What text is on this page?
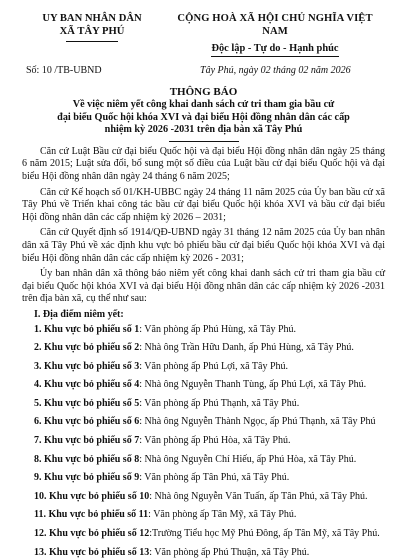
UY BAN NHÂN DÂN
XÃ TÂY PHÚ
CỘNG HOÀ XÃ HỘI CHỦ NGHĨA VIỆT NAM
Độc lập - Tự do - Hạnh phúc
Số: 10 /TB-UBND	Tây Phú, ngày 02 tháng 02 năm 2026
THÔNG BÁO
Về việc niêm yết công khai danh sách cử tri tham gia bầu cử
đại biểu Quốc hội khóa XVI và đại biểu Hội đồng nhân dân các cấp
nhiệm kỳ 2026 -2031 trên địa bàn xã Tây Phú

Căn cứ Luật Bầu cử đại biểu Quốc hội và đại biểu Hội đồng nhân dân ngày 25 tháng 6 năm 2015; Luật sửa đổi, bổ sung một số điều của Luật bầu cử đại biểu Quốc hội và đại biểu Hội đồng nhân dân ngày 24 tháng 6 năm 2025;

Căn cứ Kế hoạch số 01/KH-UBBC ngày 24 tháng 11 năm 2025 của Ủy ban bầu cử xã Tây Phú về Triển khai công tác bầu cử đại biểu Quốc hội khóa XVI và bầu cử đại biểu Hội đồng nhân dân các cấp nhiệm kỳ 2026 – 2031;

Căn cứ Quyết định số 1914/QĐ-UBND ngày 31 tháng 12 năm 2025 của Ủy ban nhân dân xã Tây Phú về xác định khu vực bỏ phiếu bầu cử đại biểu Quốc hội khóa XVI và đại biểu Hội đồng nhân dân các cấp nhiệm kỳ 2026 - 2031;

Ủy ban nhân dân xã thông báo niêm yết công khai danh sách cử tri tham gia bầu cử đại biểu Quốc hội khóa XVI và đại biểu Hội đồng nhân dân các cấp nhiệm kỳ 2026 -2031 trên địa bàn xã, cụ thể như sau:

I. Địa điểm niêm yết:

1. Khu vực bỏ phiếu số 1: Văn phòng ấp Phú Hùng, xã Tây Phú.

2. Khu vực bỏ phiếu số 2: Nhà ông Trần Hữu Danh, ấp Phú Hùng, xã Tây Phú.

3. Khu vực bỏ phiếu số 3: Văn phòng ấp Phú Lợi, xã Tây Phú.

4. Khu vực bỏ phiếu số 4: Nhà ông Nguyễn Thanh Tùng, ấp Phú Lợi, xã Tây Phú.

5. Khu vực bỏ phiếu số 5: Văn phòng ấp Phú Thạnh, xã Tây Phú.

6. Khu vực bỏ phiếu số 6: Nhà ông Nguyễn Thành Ngọc, ấp Phú Thạnh, xã Tây Phú

7. Khu vực bỏ phiếu số 7: Văn phòng ấp Phú Hòa, xã Tây Phú.

8. Khu vực bỏ phiếu số 8: Nhà ông Nguyễn Chí Hiếu, ấp Phú Hòa, xã Tây Phú.

9. Khu vực bỏ phiếu số 9: Văn phòng ấp Tân Phú, xã Tây Phú.

10. Khu vực bỏ phiếu số 10: Nhà ông Nguyễn Văn Tuấn, ấp Tân Phú, xã Tây Phú.

11. Khu vực bỏ phiếu số 11: Văn phòng ấp Tân Mỹ, xã Tây Phú.

12. Khu vực bỏ phiếu số 12:Trường Tiểu học Mỹ Phú Đông, ấp Tân Mỹ, xã Tây Phú.

13. Khu vực bỏ phiếu số 13: Văn phòng ấp Phú Thuận, xã Tây Phú.
